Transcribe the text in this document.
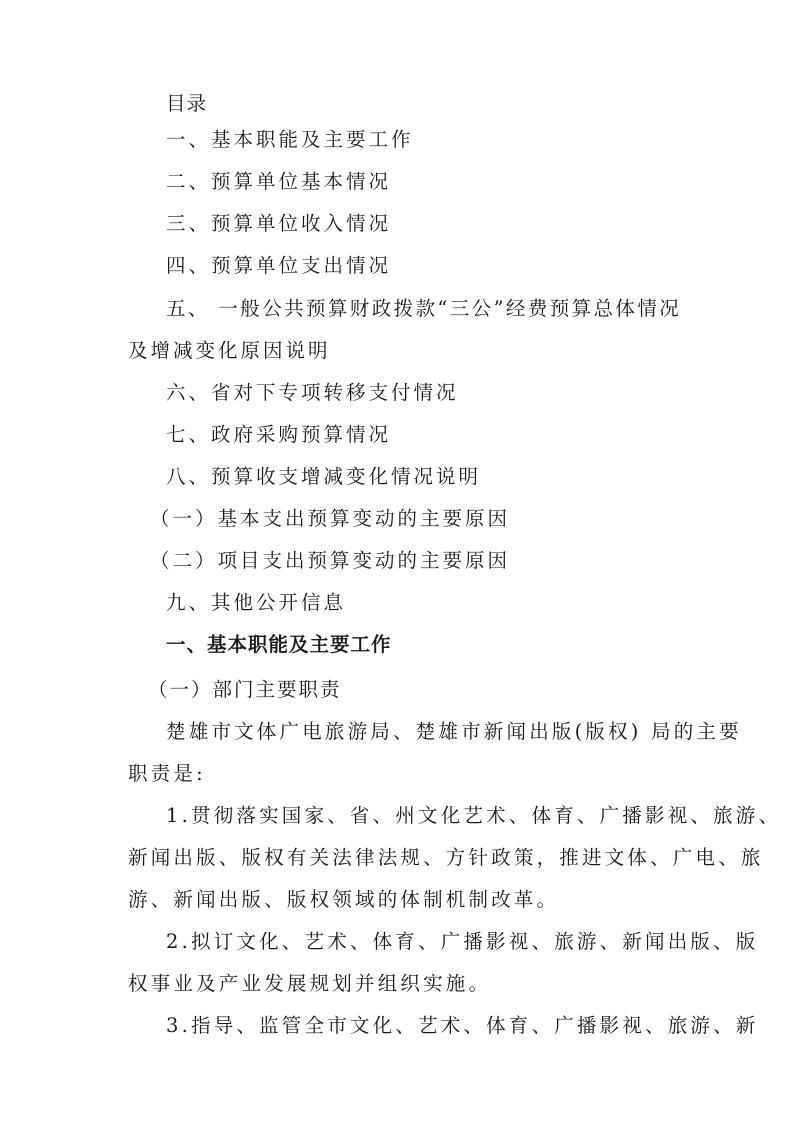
目录
一、基本职能及主要工作
二、预算单位基本情况
三、预算单位收入情况
四、预算单位支出情况
五、 一般公共预算财政拨款“三公”经费预算总体情况
及增减变化原因说明
六、省对下专项转移支付情况
七、政府采购预算情况
八、预算收支增减变化情况说明
（一）基本支出预算变动的主要原因
（二）项目支出预算变动的主要原因
九、其他公开信息
一、基本职能及主要工作
（一）部门主要职责
楚雄市文体广电旅游局、楚雄市新闻出版(版权) 局的主要
职责是:
1.贯彻落实国家、省、州文化艺术、体育、广播影视、旅游、
新闻出版、版权有关法律法规、方针政策，推进文体、广电、旅
游、新闻出版、版权领域的体制机制改革。
2.拟订文化、艺术、体育、广播影视、旅游、新闻出版、版
权事业及产业发展规划并组织实施。
3.指导、监管全市文化、艺术、体育、广播影视、旅游、新
